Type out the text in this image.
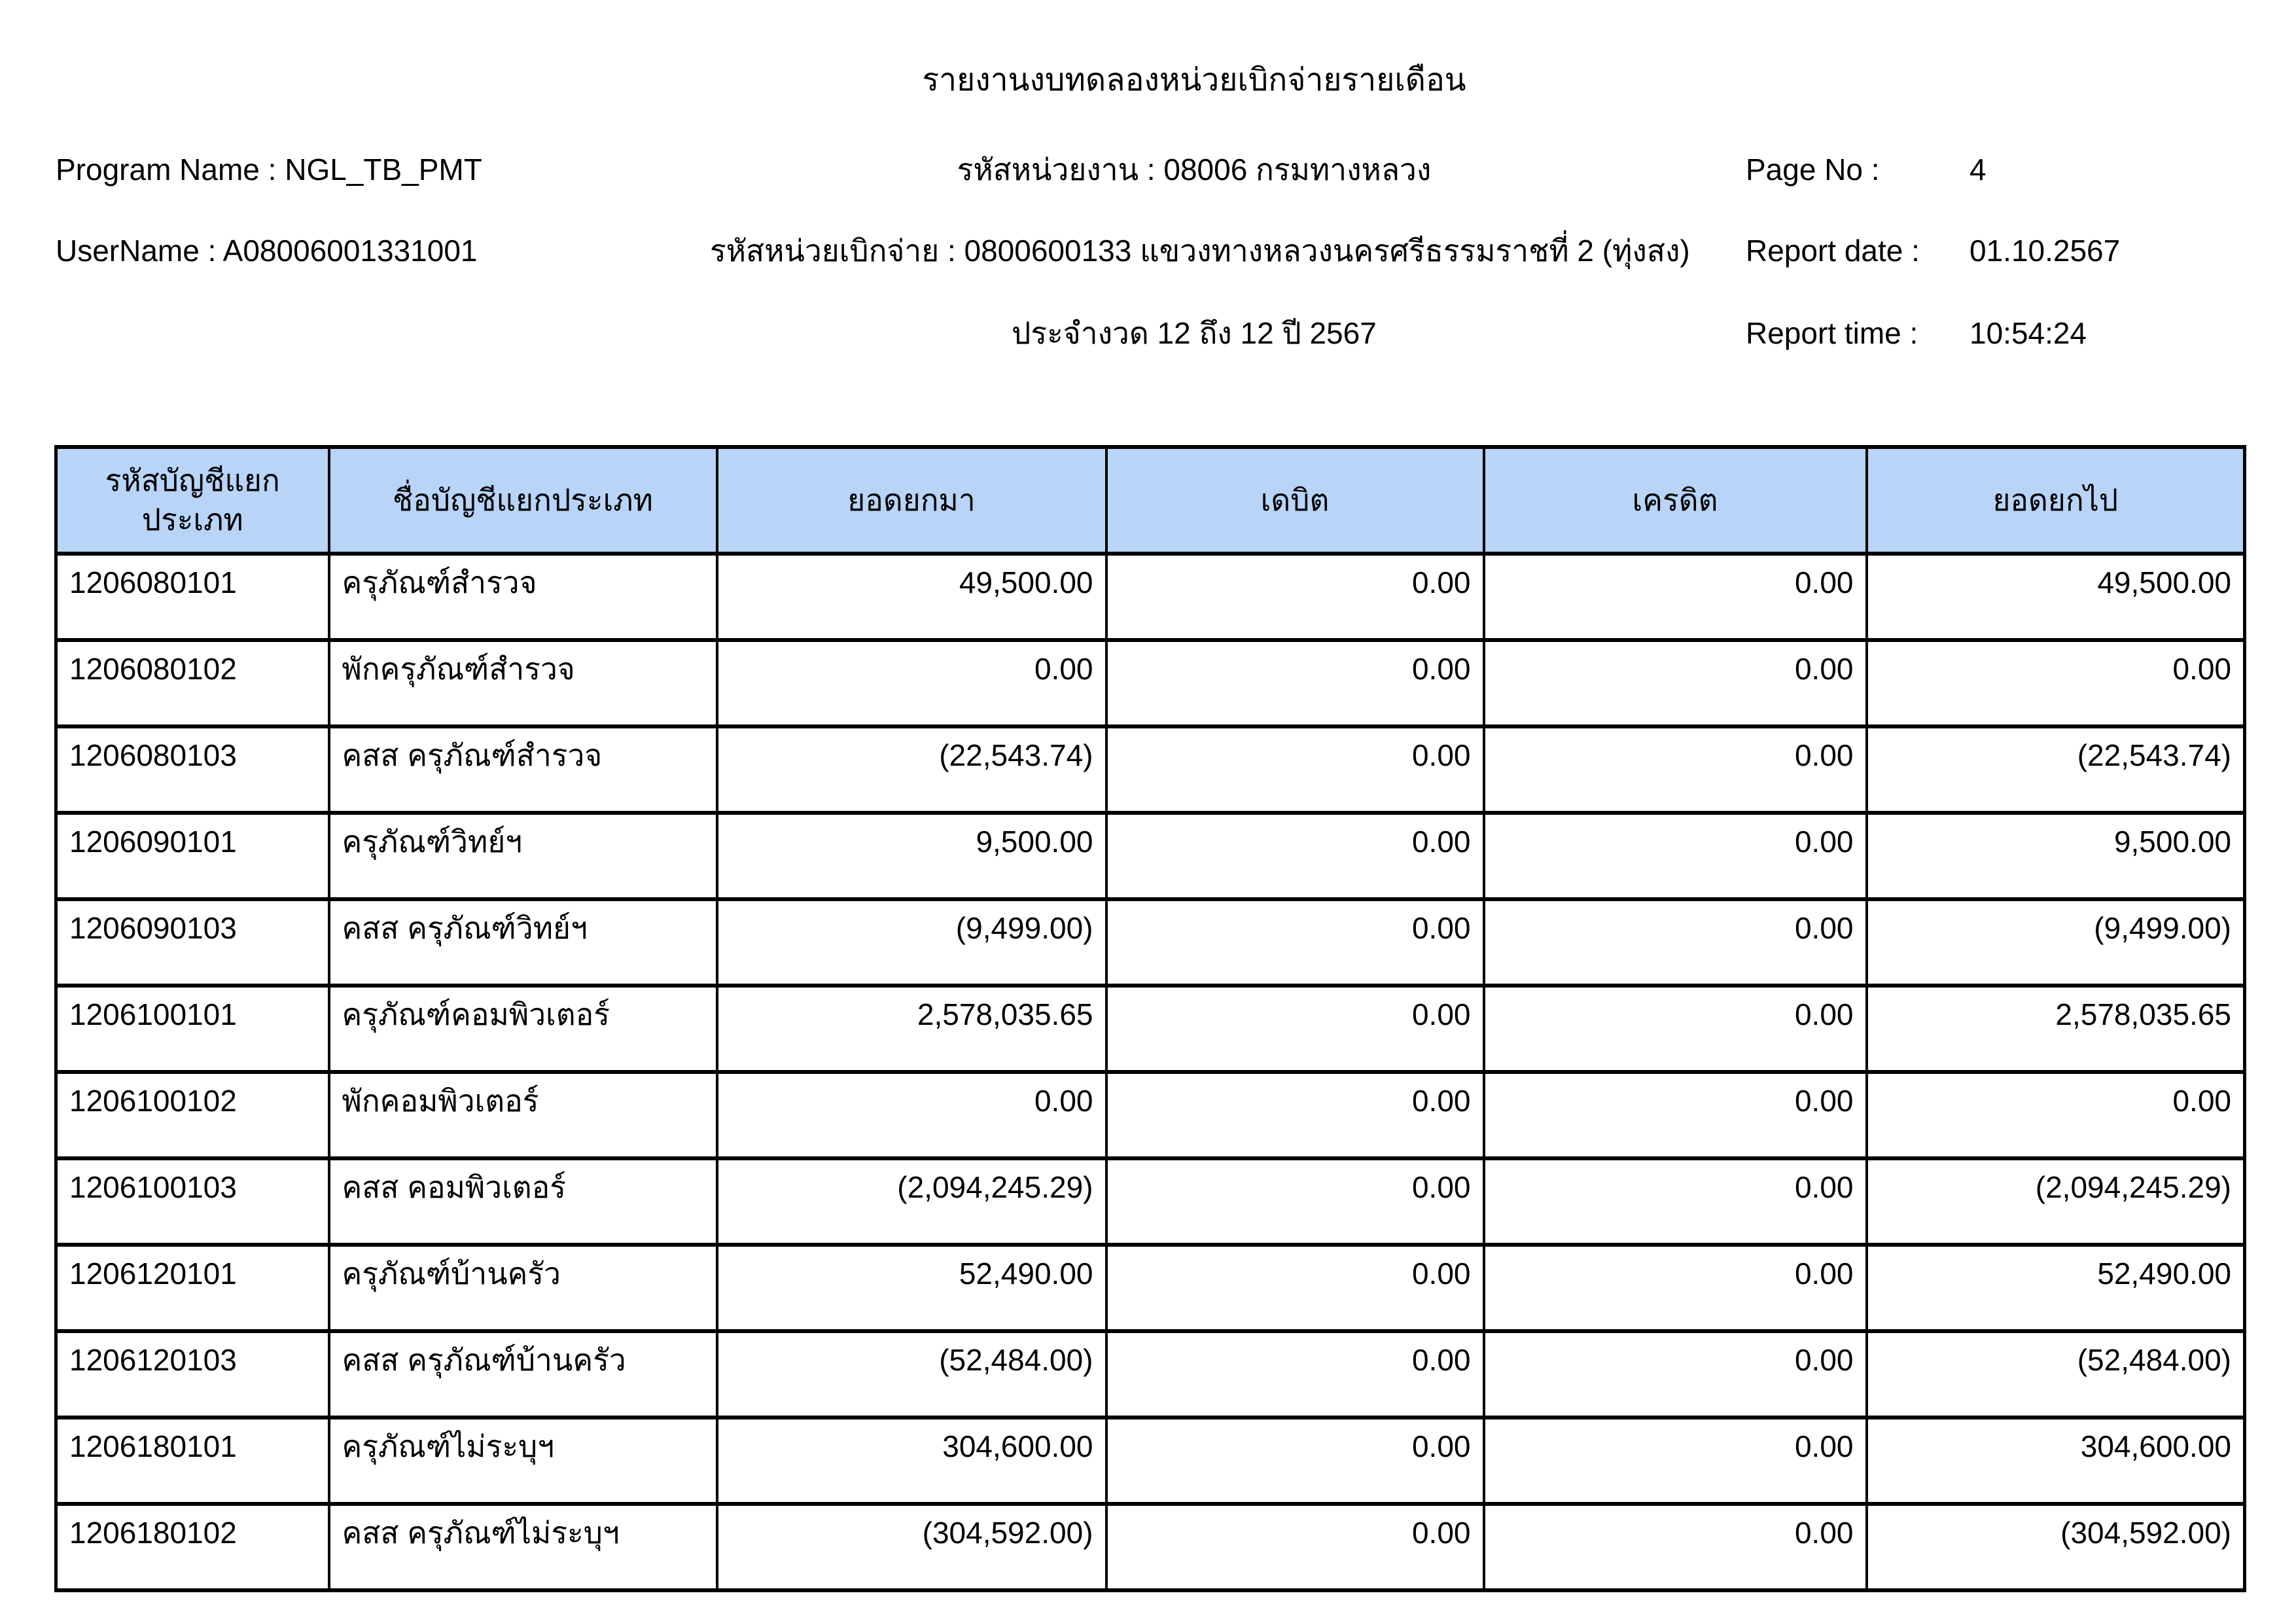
รายงานงบทดลองหน่วยเบิกจ่ายรายเดือน
Program Name : NGL_TB_PMT	รหัสหน่วยงาน : 08006 กรมทางหลวง	Page No :	4
UserName : A08006001331001	รหัสหน่วยเบิกจ่าย : 0800600133 แขวงทางหลวงนครศรีธรรมราชที่ 2 (ทุ่งสง) Report date : 01.10.2567
ประจำงวด 12 ถึง 12 ปี 2567	Report time : 10:54:24
รหัสบัญชีแยกประเภท	ชื่อบัญชีแยกประเภท	ยอดยกมา	เดบิต	เครดิต	ยอดยกไป
1206080101	ครุภัณฑ์สำรวจ	49,500.00	0.00	0.00	49,500.00
1206080102	พักครุภัณฑ์สำรวจ	0.00	0.00	0.00	0.00
1206080103	คสส ครุภัณฑ์สำรวจ	(22,543.74)	0.00	0.00	(22,543.74)
1206090101	ครุภัณฑ์วิทย์ฯ	9,500.00	0.00	0.00	9,500.00
1206090103	คสส ครุภัณฑ์วิทย์ฯ	(9,499.00)	0.00	0.00	(9,499.00)
1206100101	ครุภัณฑ์คอมพิวเตอร์	2,578,035.65	0.00	0.00	2,578,035.65
1206100102	พักคอมพิวเตอร์	0.00	0.00	0.00	0.00
1206100103	คสส คอมพิวเตอร์	(2,094,245.29)	0.00	0.00	(2,094,245.29)
1206120101	ครุภัณฑ์บ้านครัว	52,490.00	0.00	0.00	52,490.00
1206120103	คสส ครุภัณฑ์บ้านครัว	(52,484.00)	0.00	0.00	(52,484.00)
1206180101	ครุภัณฑ์ไม่ระบุฯ	304,600.00	0.00	0.00	304,600.00
1206180102	คสส ครุภัณฑ์ไม่ระบุฯ	(304,592.00)	0.00	0.00	(304,592.00)
